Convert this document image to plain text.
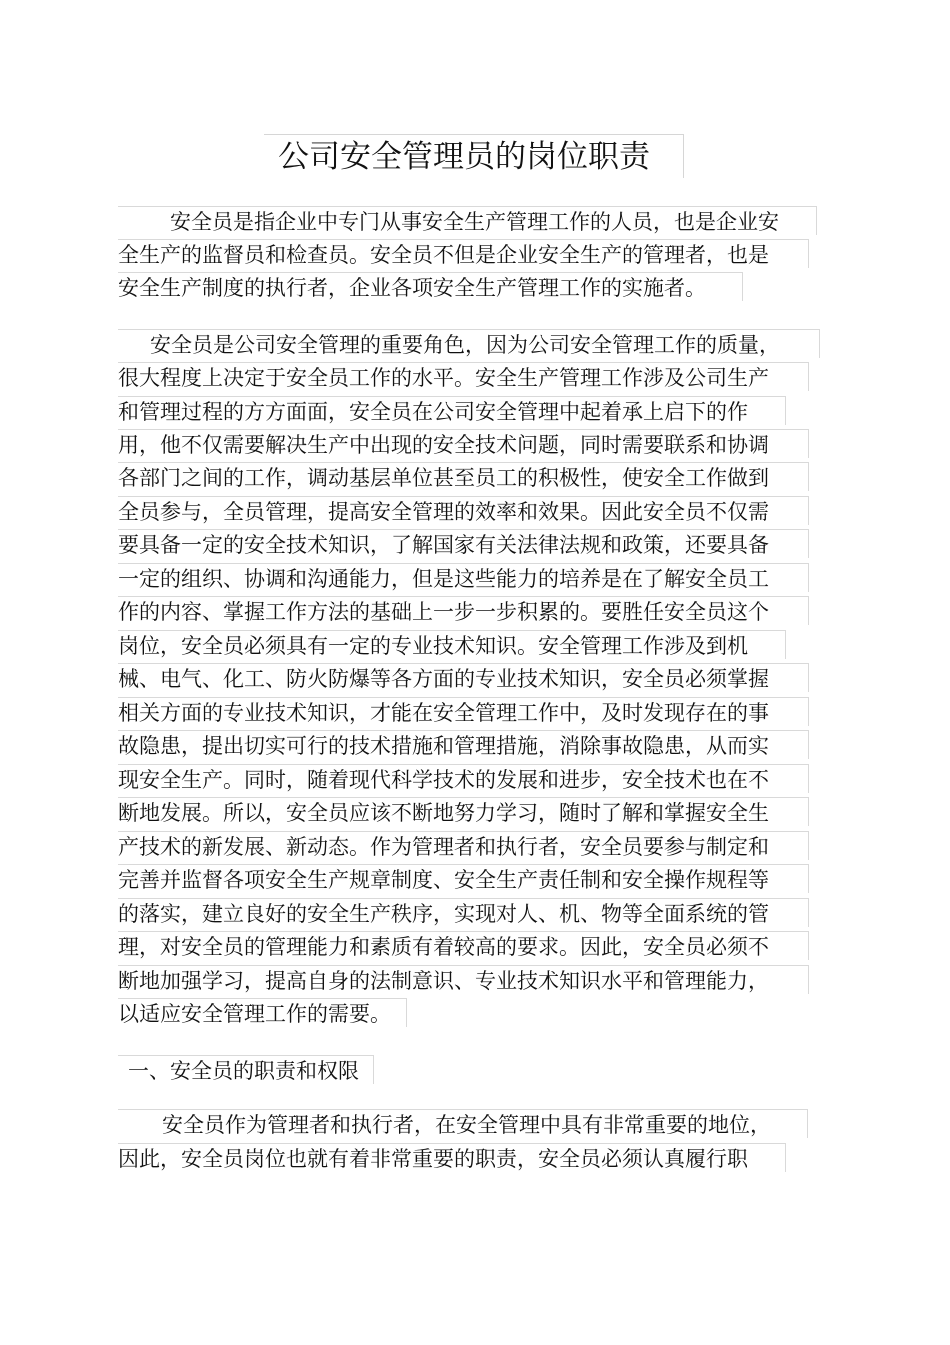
公司安全管理员的岗位职责
安全员是指企业中专门从事安全生产管理工作的人员，也是企业安
全生产的监督员和检查员。安全员不但是企业安全生产的管理者，也是
安全生产制度的执行者，企业各项安全生产管理工作的实施者。
安全员是公司安全管理的重要角色，因为公司安全管理工作的质量，
很大程度上决定于安全员工作的水平。安全生产管理工作涉及公司生产
和管理过程的方方面面，安全员在公司安全管理中起着承上启下的作
用，他不仅需要解决生产中出现的安全技术问题，同时需要联系和协调
各部门之间的工作，调动基层单位甚至员工的积极性，使安全工作做到
全员参与，全员管理，提高安全管理的效率和效果。因此安全员不仅需
要具备一定的安全技术知识，了解国家有关法律法规和政策，还要具备
一定的组织、协调和沟通能力，但是这些能力的培养是在了解安全员工
作的内容、掌握工作方法的基础上一步一步积累的。要胜任安全员这个
岗位，安全员必须具有一定的专业技术知识。安全管理工作涉及到机
械、电气、化工、防火防爆等各方面的专业技术知识，安全员必须掌握
相关方面的专业技术知识，才能在安全管理工作中，及时发现存在的事
故隐患，提出切实可行的技术措施和管理措施，消除事故隐患，从而实
现安全生产。同时，随着现代科学技术的发展和进步，安全技术也在不
断地发展。所以，安全员应该不断地努力学习，随时了解和掌握安全生
产技术的新发展、新动态。作为管理者和执行者，安全员要参与制定和
完善并监督各项安全生产规章制度、安全生产责任制和安全操作规程等
的落实，建立良好的安全生产秩序，实现对人、机、物等全面系统的管
理，对安全员的管理能力和素质有着较高的要求。因此，安全员必须不
断地加强学习，提高自身的法制意识、专业技术知识水平和管理能力，
以适应安全管理工作的需要。
一、安全员的职责和权限
安全员作为管理者和执行者，在安全管理中具有非常重要的地位，
因此，安全员岗位也就有着非常重要的职责，安全员必须认真履行职
